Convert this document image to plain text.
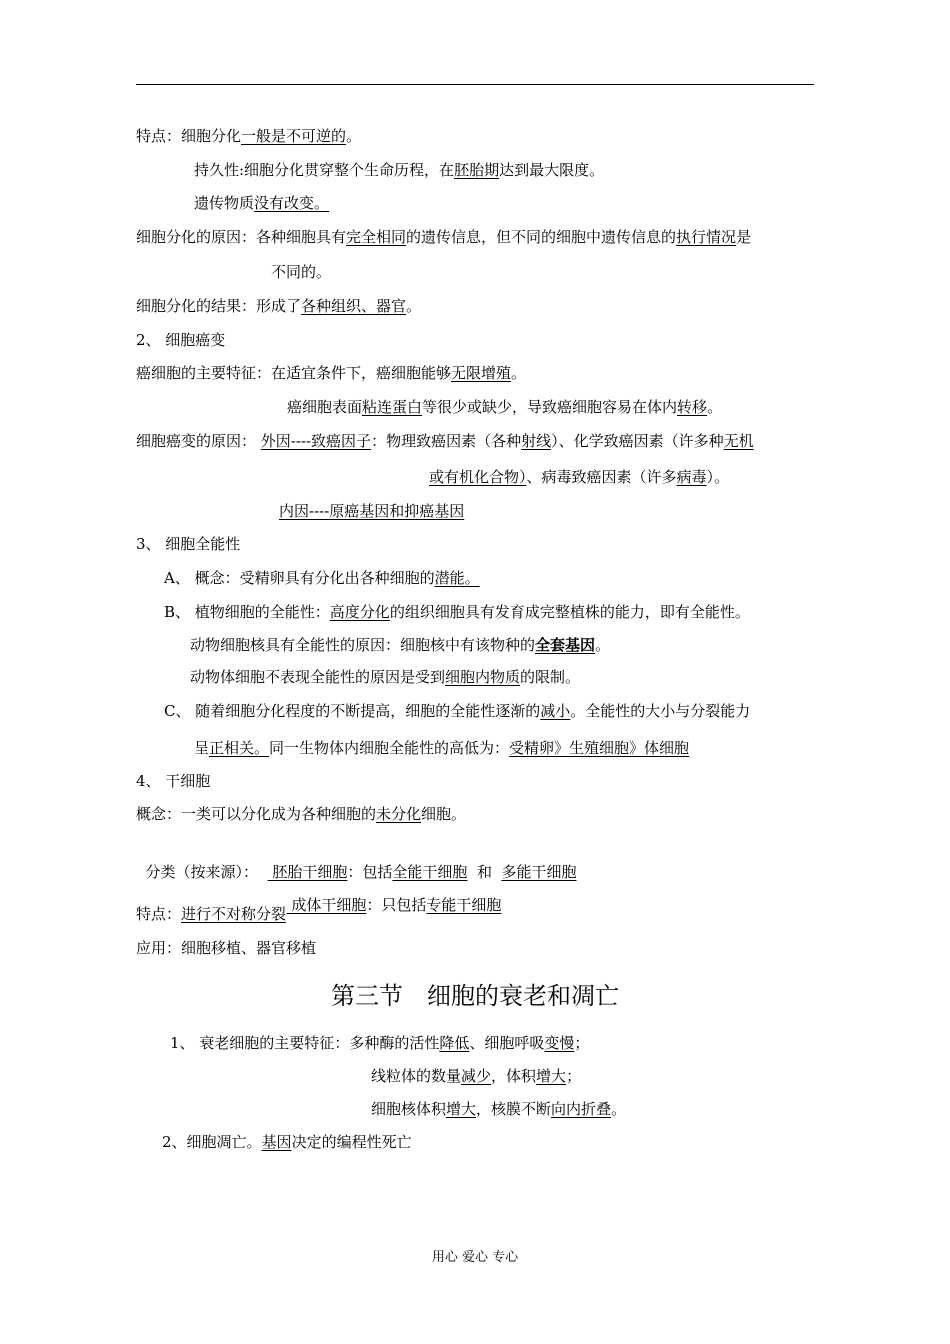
特点：细胞分化一般是不可逆的。
持久性:细胞分化贯穿整个生命历程，在胚胎期达到最大限度。
遗传物质没有改变。
细胞分化的原因：各种细胞具有完全相同的遗传信息，但不同的细胞中遗传信息的执行情况是
不同的。
细胞分化的结果：形成了各种组织、器官。
2、 细胞癌变
癌细胞的主要特征：在适宜条件下，癌细胞能够无限增殖。
癌细胞表面粘连蛋白等很少或缺少，导致癌细胞容易在体内转移。
细胞癌变的原因： 外因----致癌因子：物理致癌因素（各种射线）、化学致癌因素（许多种无机
或有机化合物）、病毒致癌因素（许多病毒）。
内因----原癌基因和抑癌基因
3、 细胞全能性
A、 概念：受精卵具有分化出各种细胞的潜能。
B、 植物细胞的全能性：高度分化的组织细胞具有发育成完整植株的能力，即有全能性。
动物细胞核具有全能性的原因：细胞核中有该物种的全套基因。
动物体细胞不表现全能性的原因是受到细胞内物质的限制。
C、 随着细胞分化程度的不断提高，细胞的全能性逐渐的减小。全能性的大小与分裂能力
呈正相关。同一生物体内细胞全能性的高低为：受精卵》生殖细胞》体细胞
4、 干细胞
概念：一类可以分化成为各种细胞的未分化细胞。

分类（按来源）：   胚胎干细胞：包括全能干细胞  和  多能干细胞

成体干细胞：只包括专能干细胞

特点：进行不对称分裂
应用：细胞移植、器官移植
第三节　细胞的衰老和凋亡
1、 衰老细胞的主要特征：多种酶的活性降低、细胞呼吸变慢；
线粒体的数量减少，体积增大；
细胞核体积增大，核膜不断向内折叠。
2、细胞凋亡。基因决定的编程性死亡
用心 爱心 专心
